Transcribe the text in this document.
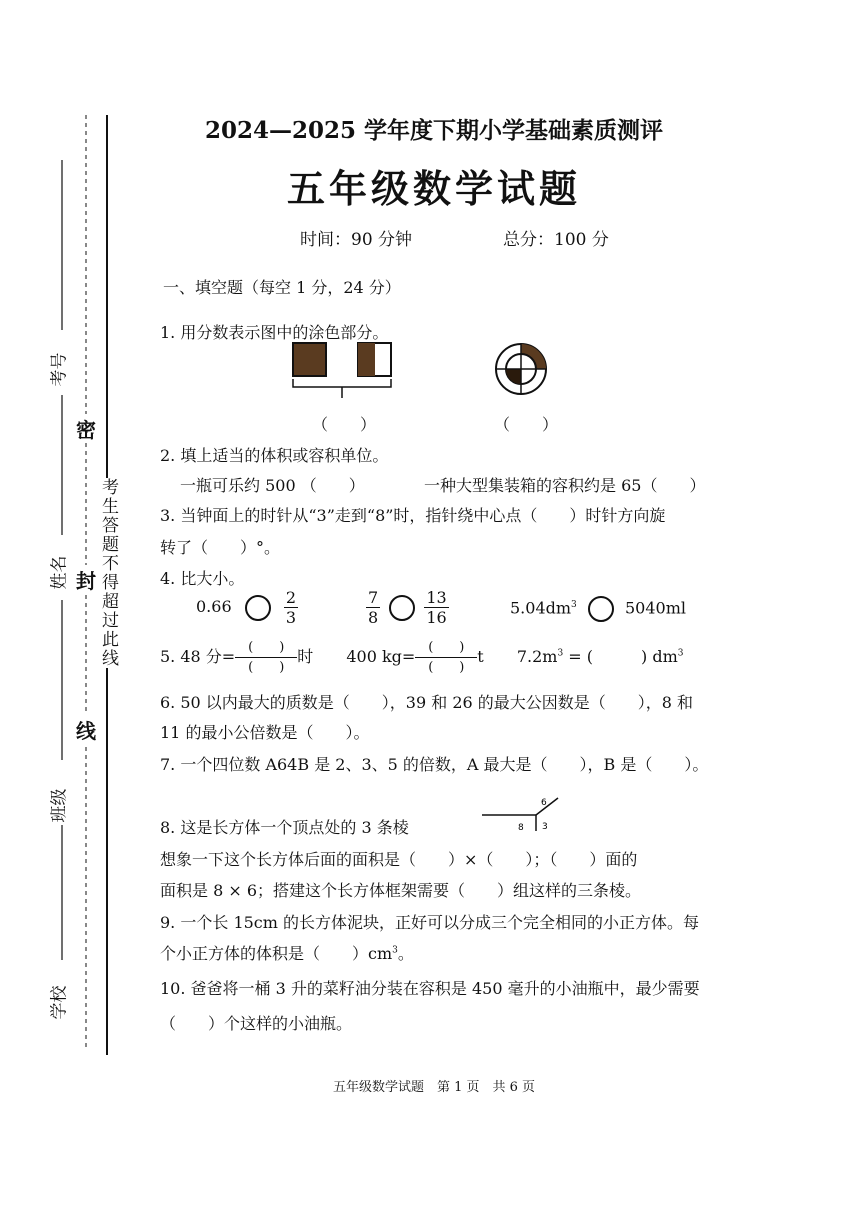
考号
姓名
班级
学校
密
封
线
考生答题不得超过此线
2024—2025 学年度下期小学基础素质测评
五年级数学试题
时间：90 分钟	总分：100 分
一、填空题（每空 1 分，24 分）
1. 用分数表示图中的涂色部分。
（　　）	（　　）
2. 填上适当的体积或容积单位。
一瓶可乐约 500 （　　）	一种大型集装箱的容积约是 65（　　）
3. 当钟面上的时针从“3”走到“8”时，指针绕中心点（　　）时针方向旋
转了（　　）°。
4. 比大小。
0.66	$\frac{2}{3}$	$\frac{7}{8}$
	$\frac{13}{16}$	$5.04dm^3$	5040ml
5. 48 分= $\frac{( )}{( )}$ 时 400 $kg= \frac{( )}{( )}$ t $7.2m^3$ = (　　　) $dm^3$
6. 50 以内最大的质数是（　　），39 和 26 的最大公因数是（　　），8 和
11 的最小公倍数是（　　）。
7. 一个四位数 A64B 是 2、3、5 的倍数，A 最大是（　　），B 是（　　）。
8. 这是长方体一个顶点处的 3 条棱	8 3
6
想象一下这个长方体后面的面积是（　　）×（　　）；（　　）面的
面积是 8 × 6；搭建这个长方体框架需要（　　）组这样的三条棱。
9. 一个长 15cm 的长方体泥块，正好可以分成三个完全相同的小正方体。每
个小正方体的体积是（　　）$cm^3$。
10. 爸爸将一桶 3 升的菜籽油分装在容积是 450 毫升的小油瓶中，最少需要
（　　）个这样的小油瓶。
五年级数学试题　第 1 页　共 6 页
